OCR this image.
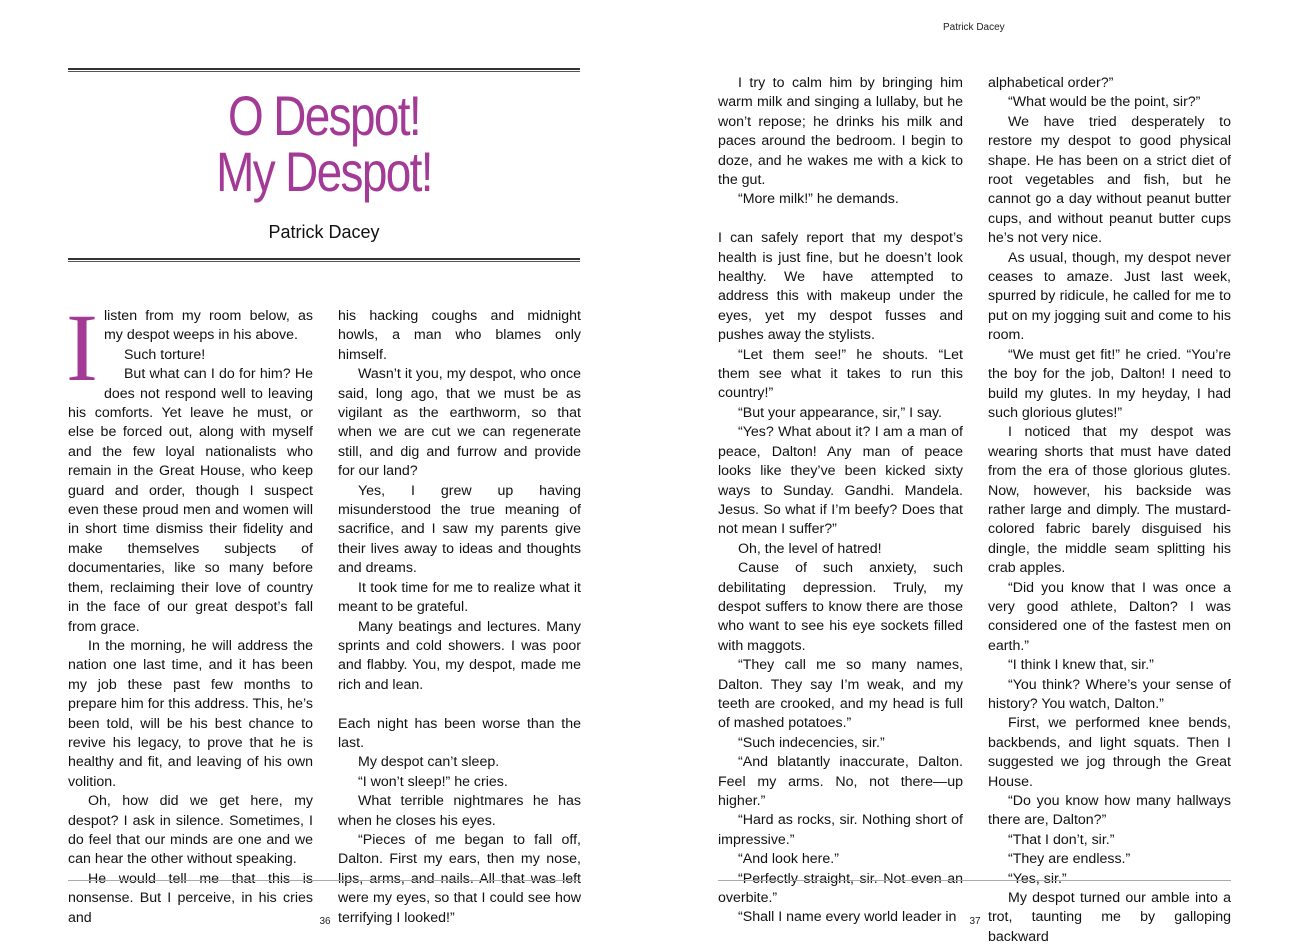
O Despot!
My Despot!
Patrick Dacey

Ilisten from my room below, as my despot weeps in his above.

Such torture!

But what can I do for him? He does not respond well to leaving his comforts. Yet leave he must, or else be forced out, along with myself and the few loyal nationalists who remain in the Great House, who keep guard and order, though I suspect even these proud men and women will in short time dismiss their fidelity and make themselves subjects of documentaries, like so many before them, reclaiming their love of country in the face of our great despot’s fall from grace.

In the morning, he will address the nation one last time, and it has been my job these past few months to prepare him for this address. This, he’s been told, will be his best chance to revive his legacy, to prove that he is healthy and fit, and leaving of his own volition.

Oh, how did we get here, my despot? I ask in silence. Sometimes, I do feel that our minds are one and we can hear the other without speaking.

He would tell me that this is nonsense. But I perceive, in his cries and

his hacking coughs and midnight howls, a man who blames only himself.

Wasn’t it you, my despot, who once said, long ago, that we must be as vigilant as the earthworm, so that when we are cut we can regenerate still, and dig and furrow and provide for our land?

Yes, I grew up having misunderstood the true meaning of sacrifice, and I saw my parents give their lives away to ideas and thoughts and dreams.

It took time for me to realize what it meant to be grateful.

Many beatings and lectures. Many sprints and cold showers. I was poor and flabby. You, my despot, made me rich and lean.

Each night has been worse than the last.

My despot can’t sleep.

“I won’t sleep!” he cries.

What terrible nightmares he has when he closes his eyes.

“Pieces of me began to fall off, Dalton. First my ears, then my nose, lips, arms, and nails. All that was left were my eyes, so that I could see how terrifying I looked!”

36
Patrick Dacey

I try to calm him by bringing him warm milk and singing a lullaby, but he won’t repose; he drinks his milk and paces around the bedroom. I begin to doze, and he wakes me with a kick to the gut.

“More milk!” he demands.

I can safely report that my despot’s health is just fine, but he doesn’t look healthy. We have attempted to address this with makeup under the eyes, yet my despot fusses and pushes away the stylists.

“Let them see!” he shouts. “Let them see what it takes to run this country!”

“But your appearance, sir,” I say.

“Yes? What about it? I am a man of peace, Dalton! Any man of peace looks like they’ve been kicked sixty ways to Sunday. Gandhi. Mandela. Jesus. So what if I’m beefy? Does that not mean I suffer?”

Oh, the level of hatred!

Cause of such anxiety, such debilitating depression. Truly, my despot suffers to know there are those who want to see his eye sockets filled with maggots.

“They call me so many names, Dalton. They say I’m weak, and my teeth are crooked, and my head is full of mashed potatoes.”

“Such indecencies, sir.”

“And blatantly inaccurate, Dalton. Feel my arms. No, not there—up higher.”

“Hard as rocks, sir. Nothing short of impressive.”

“And look here.”

“Perfectly straight, sir. Not even an overbite.”

“Shall I name every world leader in

alphabetical order?”

“What would be the point, sir?”

We have tried desperately to restore my despot to good physical shape. He has been on a strict diet of root vegetables and fish, but he cannot go a day without peanut butter cups, and without peanut butter cups he’s not very nice.

As usual, though, my despot never ceases to amaze. Just last week, spurred by ridicule, he called for me to put on my jogging suit and come to his room.

“We must get fit!” he cried. “You’re the boy for the job, Dalton! I need to build my glutes. In my heyday, I had such glorious glutes!”

I noticed that my despot was wearing shorts that must have dated from the era of those glorious glutes. Now, however, his backside was rather large and dimply. The mustard-colored fabric barely disguised his dingle, the middle seam splitting his crab apples.

“Did you know that I was once a very good athlete, Dalton? I was considered one of the fastest men on earth.”

“I think I knew that, sir.”

“You think? Where’s your sense of history? You watch, Dalton.”

First, we performed knee bends, backbends, and light squats. Then I suggested we jog through the Great House.

“Do you know how many hallways there are, Dalton?”

“That I don’t, sir.”

“They are endless.”

“Yes, sir.”

My despot turned our amble into a trot, taunting me by galloping backward

37
